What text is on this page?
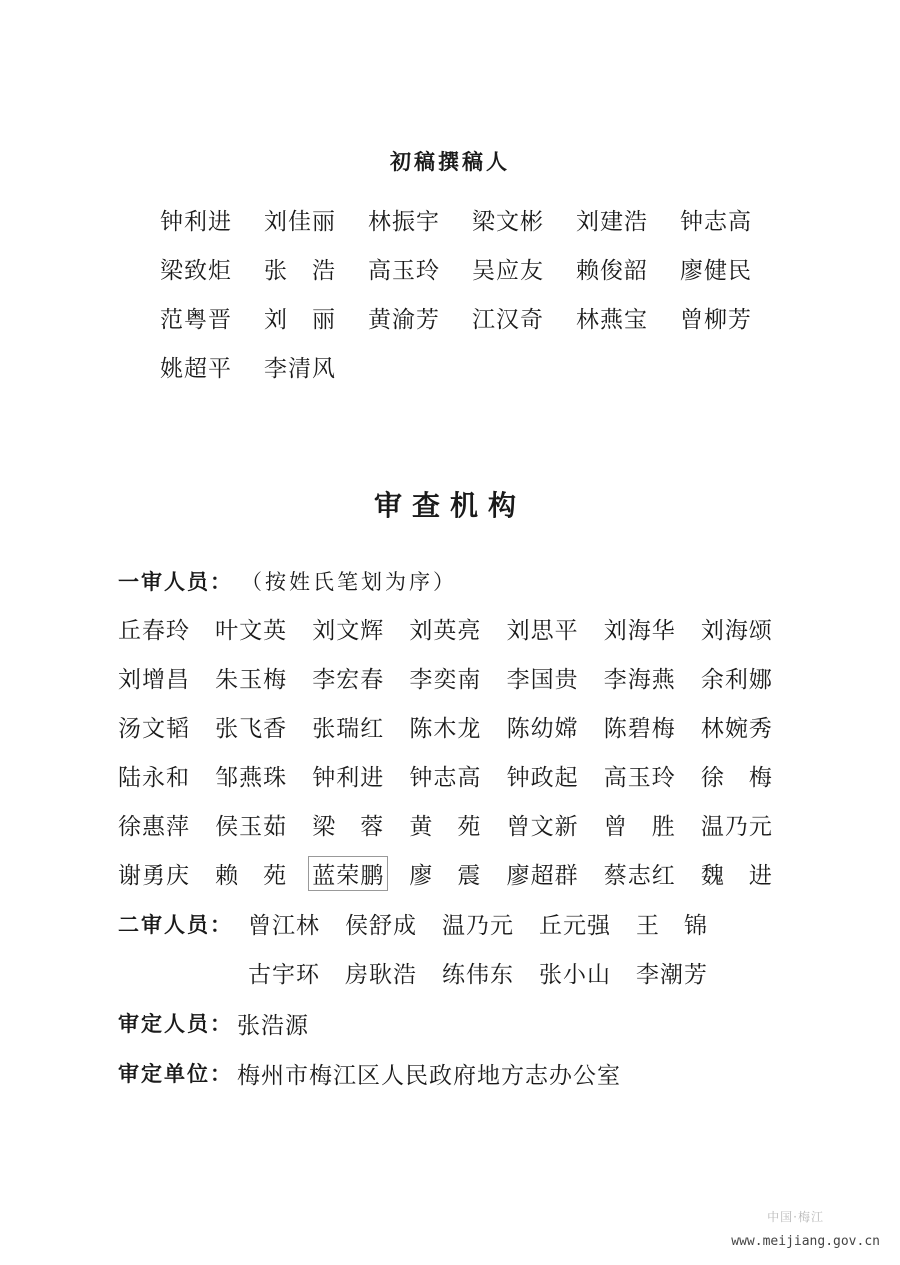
初稿撰稿人
钟利进	刘佳丽	林振宇	梁文彬	刘建浩	钟志高
梁致炬	张　浩	高玉玲	吴应友	赖俊韶	廖健民
范粤晋	刘　丽	黄渝芳	江汉奇	林燕宝	曾柳芳
姚超平	李清风
审查机构
一审人员： （按姓氏笔划为序）
丘春玲	叶文英	刘文辉	刘英亮	刘思平	刘海华	刘海颂
刘增昌	朱玉梅	李宏春	李奕南	李国贵	李海燕	余利娜
汤文韬	张飞香	张瑞红	陈木龙	陈幼嫦	陈碧梅	林婉秀
陆永和	邹燕珠	钟利进	钟志高	钟政起	高玉玲	徐　梅
徐惠萍	侯玉茹	梁　蓉	黄　苑	曾文新	曾　胜	温乃元
谢勇庆	赖　苑	蓝荣鹏	廖　震	廖超群	蔡志红	魏　进
二审人员： 曾江林	侯舒成	温乃元	丘元强	王　锦
古宇环	房耿浩	练伟东	张小山	李潮芳
审定人员： 张浩源
审定单位： 梅州市梅江区人民政府地方志办公室
中国·梅江
www.meijiang.gov.cn
